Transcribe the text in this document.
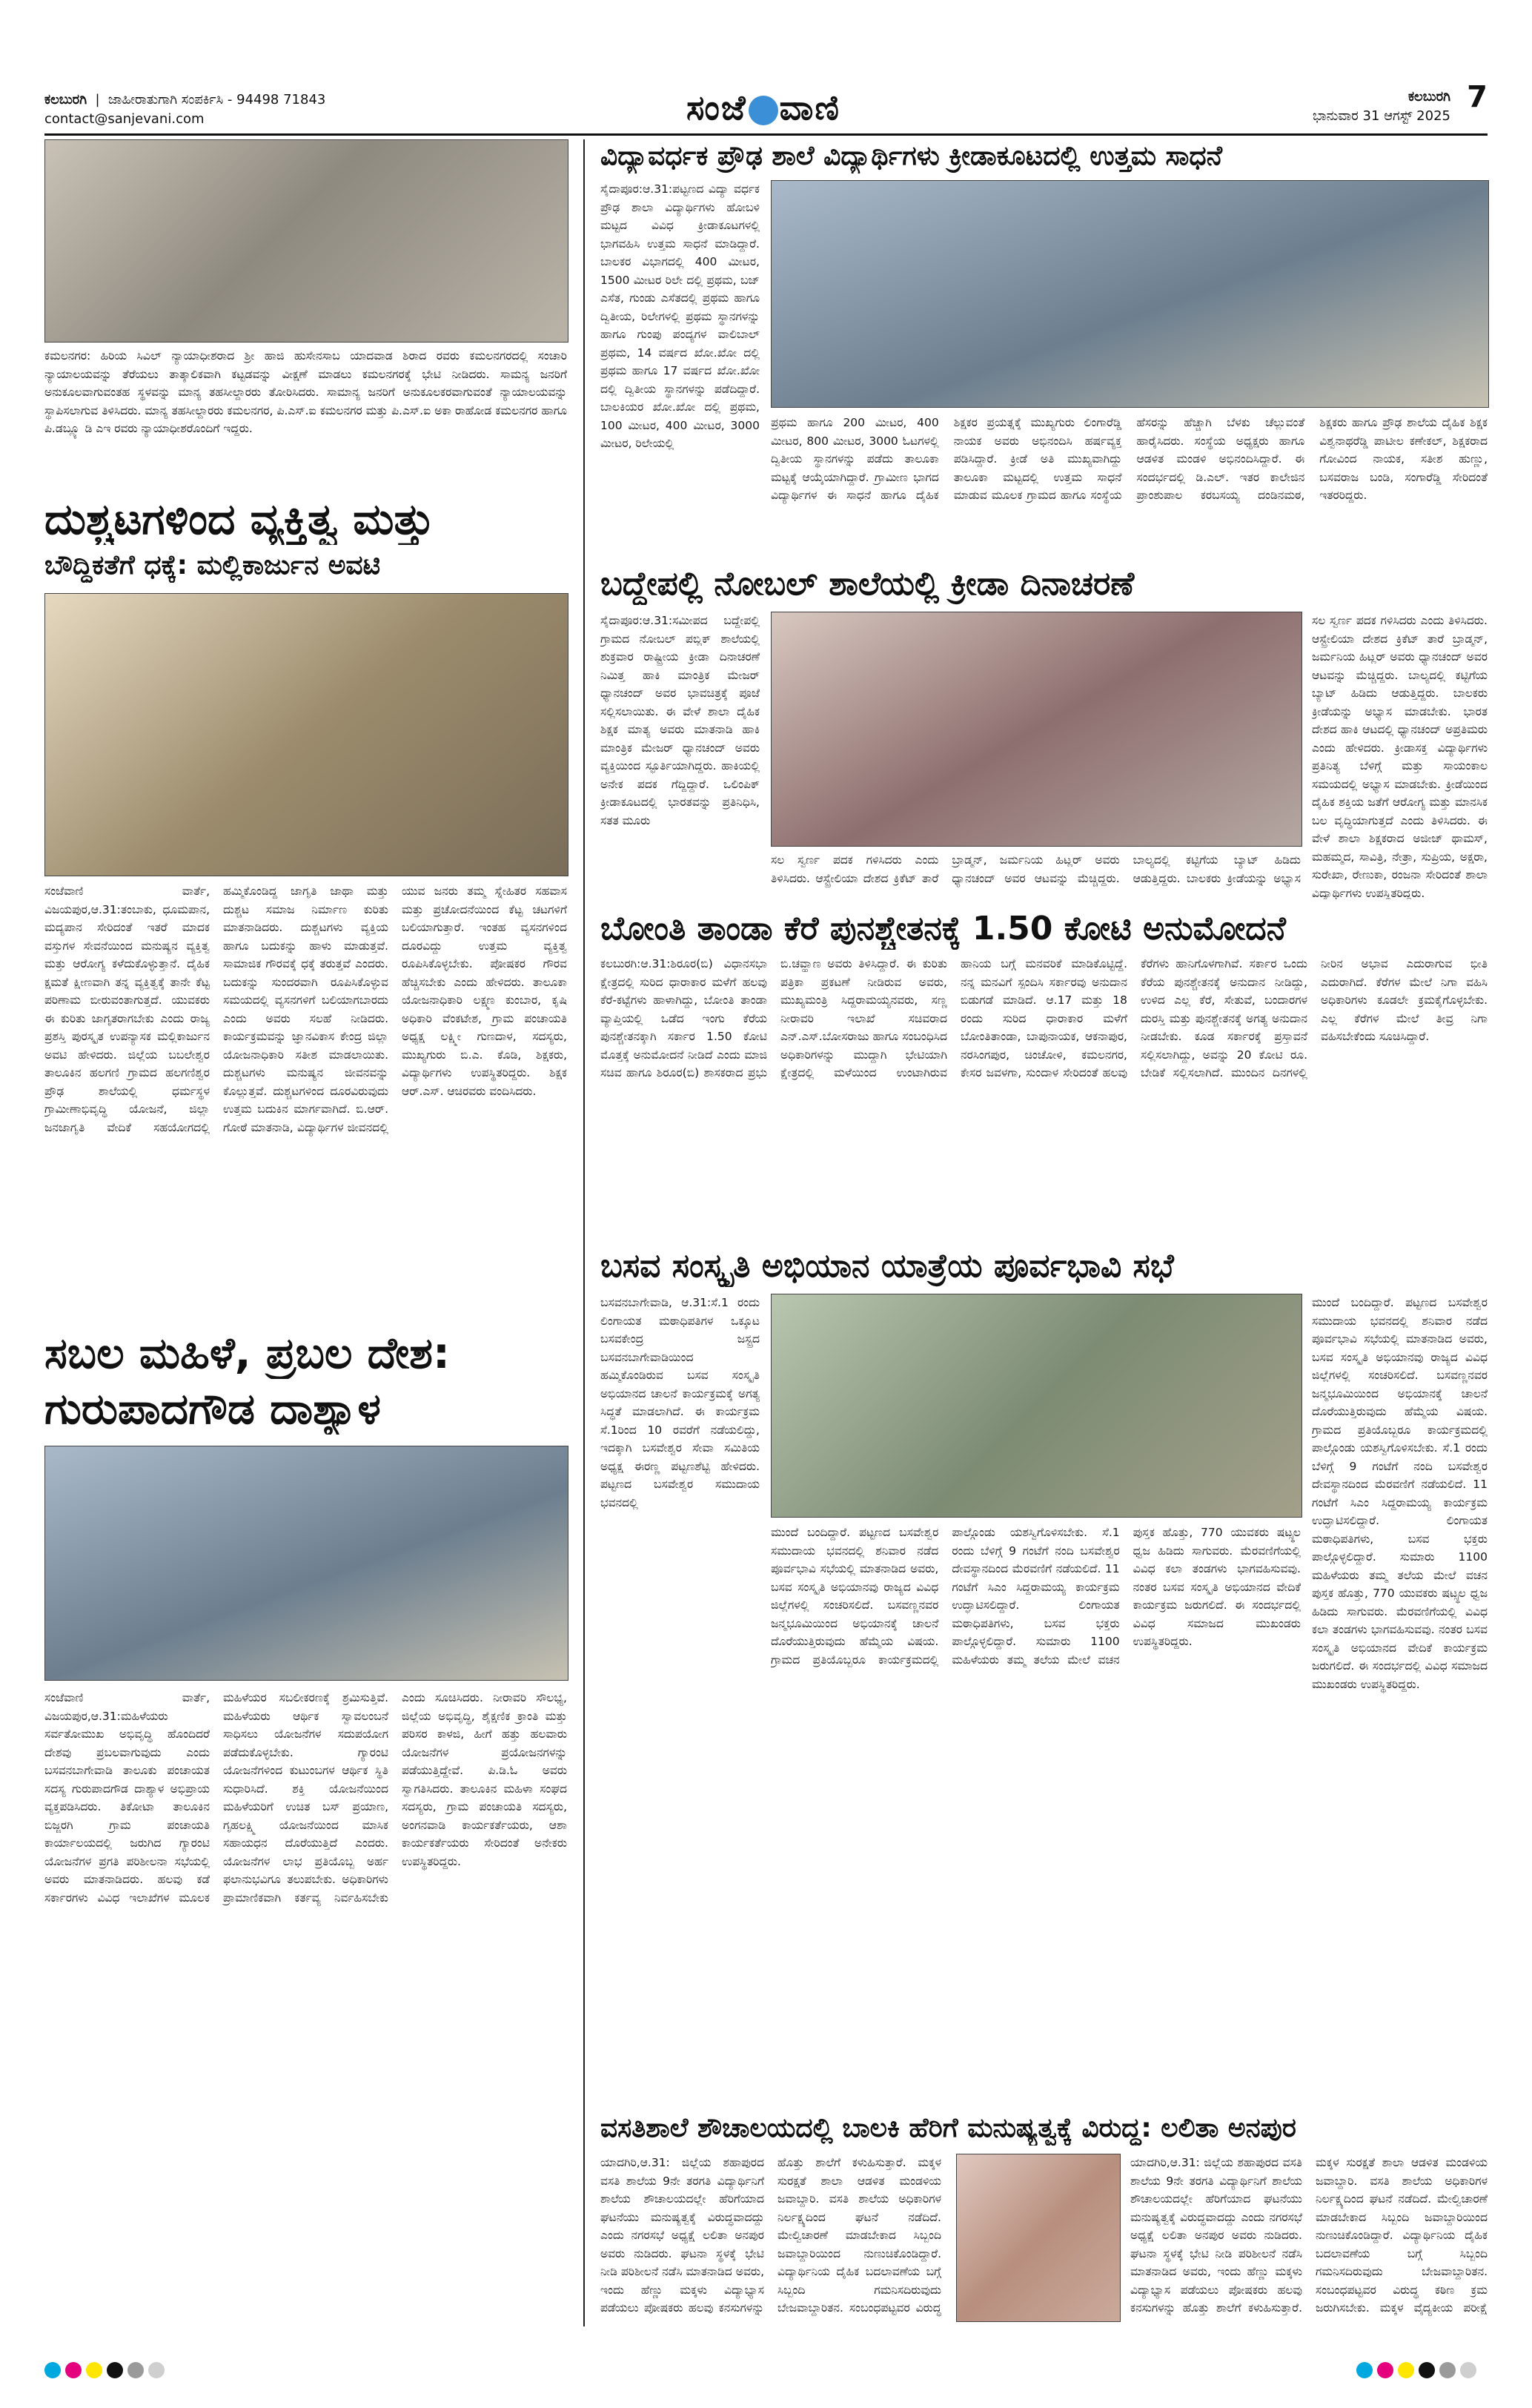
ಕಲಬುರಗಿ  |  ಜಾಹೀರಾತುಗಾಗಿ ಸಂಪರ್ಕಿಸಿ - 94498 71843
contact@sanjevani.com	ಸಂಜೆ ವಾಣಿ	ಕಲಬುರಗಿ
ಭಾನುವಾರ 31 ಆಗಸ್ಟ್ 2025
7
ಕಮಲನಗರ: ಹಿರಿಯ ಸಿವಿಲ್ ನ್ಯಾಯಾಧೀಶರಾದ ಶ್ರೀ ಹಾಜಿ ಹುಸೇನಸಾಬ ಯಾದವಾಡ ಶಿರಾದ ರವರು ಕಮಲನಗರದಲ್ಲಿ ಸಂಚಾರಿ ನ್ಯಾಯಾಲಯವನ್ನು ತೆರೆಯಲು ತಾತ್ಕಾಲಿಕವಾಗಿ ಕಟ್ಟಡವನ್ನು ವೀಕ್ಷಣೆ ಮಾಡಲು ಕಮಲನಗರಕ್ಕೆ ಭೇಟಿ ನೀಡಿದರು. ಸಾಮನ್ಯ ಜನರಿಗೆ ಅನುಕೂಲವಾಗುವಂತಹ ಸ್ಥಳವನ್ನು ಮಾನ್ಯ ತಹಸೀಲ್ದಾರರು ತೋರಿಸಿದರು. ಸಾಮಾನ್ಯ ಜನರಿಗೆ ಅನುಕೂಲಕರವಾಗುವಂತೆ ನ್ಯಾಯಾಲಯವನ್ನು ಸ್ಥಾಪಿಸಲಾಗುವ ತಿಳಿಸಿದರು. ಮಾನ್ಯ ತಹಸೀಲ್ದಾರರು ಕಮಲನಗರ, ಪಿ.ಎಸ್.ಐ ಕಮಲನಗರ ಮತ್ತು ಪಿ.ಎಸ್.ಐ ಅಕಾ ರಾಹೋಡ ಕಮಲನಗರ ಹಾಗೂ ಪಿ.ಡಬ್ಲ್ಯೂ ಡಿ ಎಇ ರವರು ನ್ಯಾಯಾಧೀಶರೊಂದಿಗೆ ಇದ್ದರು.
ವಿದ್ಯಾವರ್ಧಕ ಪ್ರೌಢ ಶಾಲೆ ವಿದ್ಯಾರ್ಥಿಗಳು ಕ್ರೀಡಾಕೂಟದಲ್ಲಿ ಉತ್ತಮ ಸಾಧನೆ
ಸೈದಾಪೂರ:ಆ.31:ಪಟ್ಟಣದ ವಿದ್ಯಾ ವರ್ಧಕ ಪ್ರೌಢ ಶಾಲಾ ವಿದ್ಯಾರ್ಥಿಗಳು ಹೋಬಳಿ ಮಟ್ಟದ ವಿವಿಧ ಕ್ರೀಡಾಕೂಟಗಳಲ್ಲಿ ಭಾಗವಹಿಸಿ ಉತ್ತಮ ಸಾಧನೆ ಮಾಡಿದ್ದಾರೆ. ಬಾಲಕರ ವಿಭಾಗದಲ್ಲಿ 400 ಮೀಟರ, 1500 ಮೀಟರ ರಿಲೇ ದಲ್ಲಿ ಪ್ರಥಮ, ಬಜ್ ಎಸೆತ, ಗುಂಡು ಎಸೆತದಲ್ಲಿ ಪ್ರಥಮ ಹಾಗೂ ದ್ವಿತೀಯ, ರಿಲೇಗಳಲ್ಲಿ ಪ್ರಥಮ ಸ್ಥಾನಗಳನ್ನು ಹಾಗೂ ಗುಂಪು ಪಂದ್ಯಗಳ ವಾಲಿಬಾಲ್ ಪ್ರಥಮ, 14 ವರ್ಷದ ಖೋ.ಖೋ ದಲ್ಲಿ ಪ್ರಥಮ ಹಾಗೂ 17 ವರ್ಷದ ಖೋ.ಖೋ ದಲ್ಲಿ ದ್ವಿತೀಯ ಸ್ಥಾನಗಳನ್ನು ಪಡೆದಿದ್ದಾರೆ. ಬಾಲಕಿಯರ ಖೋ.ಖೋ ದಲ್ಲಿ ಪ್ರಥಮ, 100 ಮೀಟರ, 400 ಮೀಟರ, 3000 ಮೀಟರ, ರಿಲೇಯಲ್ಲಿ
ಪ್ರಥಮ ಹಾಗೂ 200 ಮೀಟರ, 400 ಮೀಟರ, 800 ಮೀಟರ, 3000 ಓಟಗಳಲ್ಲಿ ದ್ವಿತೀಯ ಸ್ಥಾನಗಳನ್ನು ಪಡೆದು ತಾಲೂಕಾ ಮಟ್ಟಕ್ಕೆ ಆಯ್ಕೆಯಾಗಿದ್ದಾರೆ. ಗ್ರಾಮೀಣ ಭಾಗದ ವಿದ್ಯಾರ್ಥಿಗಳ ಈ ಸಾಧನೆ ಹಾಗೂ ದೈಹಿಕ ಶಿಕ್ಷಕರ ಪ್ರಯತ್ನಕ್ಕೆ ಮುಖ್ಯಗುರು ಲಿಂಗಾರೆಡ್ಡಿ ನಾಯಕ ಅವರು ಅಭಿನಂದಿಸಿ ಹರ್ಷವ್ಯಕ್ತ ಪಡಿಸಿದ್ದಾರೆ. ಕ್ರೀಡೆ ಅತಿ ಮುಖ್ಯವಾಗಿದ್ದು ತಾಲೂಕಾ ಮಟ್ಟದಲ್ಲಿ ಉತ್ತಮ ಸಾಧನೆ ಮಾಡುವ ಮೂಲಕ ಗ್ರಾಮದ ಹಾಗೂ ಸಂಸ್ಥೆಯ ಹೆಸರನ್ನು ಹೆಚ್ಚಾಗಿ ಬೆಳಕು ಚೆಲ್ಲುವಂತೆ ಹಾರೈಸಿದರು. ಸಂಸ್ಥೆಯ ಅಧ್ಯಕ್ಷರು ಹಾಗೂ ಆಡಳಿತ ಮಂಡಳಿ ಅಭಿನಂದಿಸಿದ್ದಾರೆ. ಈ ಸಂದರ್ಭದಲ್ಲಿ ಡಿ.ಎಲ್. ಇತರ ಕಾಲೇಜಿನ ಪ್ರಾಂಶುಪಾಲ ಕರಬಸಯ್ಯ ದಂಡಿನಮಠ, ಶಿಕ್ಷಕರು ಹಾಗೂ ಪ್ರೌಢ ಶಾಲೆಯ ದೈಹಿಕ ಶಿಕ್ಷಕ ವಿಶ್ವನಾಥರೆಡ್ಡಿ ಪಾಟೀಲ ಕಣೇಕಲ್, ಶಿಕ್ಷಕರಾದ ಗೋವಿಂದ ನಾಯಕ, ಸತೀಶ ಹುಣ್ಣು, ಬಸವರಾಜ ಬಂಡಿ, ಸಂಗಾರೆಡ್ಡಿ ಸೇರಿದಂತೆ ಇತರರಿದ್ದರು.
ದುಶ್ಚಟಗಳಿಂದ ವ್ಯಕ್ತಿತ್ವ ಮತ್ತು
ಬೌದ್ಧಿಕತೆಗೆ ಧಕ್ಕೆ: ಮಲ್ಲಿಕಾರ್ಜುನ ಅವಟಿ
ಸಂಜೆವಾಣಿ ವಾರ್ತೆ, ವಿಜಯಪುರ,ಆ.31:ತಂಬಾಕು, ಧೂಮಪಾನ, ಮದ್ಯಪಾನ ಸೇರಿದಂತೆ ಇತರೆ ಮಾದಕ ವಸ್ತುಗಳ ಸೇವನೆಯಿಂದ ಮನುಷ್ಯನ ವ್ಯಕ್ತಿತ್ವ ಮತ್ತು ಆರೋಗ್ಯ ಕಳೆದುಕೊಳ್ಳುತ್ತಾನೆ. ದೈಹಿಕ ಕ್ಷಮತೆ ಕ್ಷೀಣವಾಗಿ ತನ್ನ ವ್ಯಕ್ತಿತ್ವಕ್ಕೆ ತಾನೇ ಕೆಟ್ಟ ಪರಿಣಾಮ ಬೀರುವಂತಾಗುತ್ತದೆ. ಯುವಕರು ಈ ಕುರಿತು ಜಾಗೃತರಾಗಬೇಕು ಎಂದು ರಾಜ್ಯ ಪ್ರಶಸ್ತಿ ಪುರಸ್ಕೃತ ಉಪನ್ಯಾಸಕ ಮಲ್ಲಿಕಾರ್ಜುನ ಅವಟಿ ಹೇಳಿದರು. ಜಿಲ್ಲೆಯ ಬಬಲೇಶ್ವರ ತಾಲೂಕಿನ ಹಲಗಣಿ ಗ್ರಾಮದ ಹಲಗಣಿಶ್ವರ ಪ್ರೌಢ ಶಾಲೆಯಲ್ಲಿ ಧರ್ಮಸ್ಥಳ ಗ್ರಾಮೀಣಾಭಿವೃದ್ಧಿ ಯೋಜನೆ, ಜಿಲ್ಲಾ ಜನಜಾಗೃತಿ ವೇದಿಕೆ ಸಹಯೋಗದಲ್ಲಿ ಹಮ್ಮಿಕೊಂಡಿದ್ದ ಜಾಗೃತಿ ಜಾಥಾ ಮತ್ತು ದುಶ್ಚಟ ಸಮಾಜ ನಿರ್ಮಾಣ ಕುರಿತು ಮಾತನಾಡಿದರು. ದುಶ್ಚಟಗಳು ವ್ಯಕ್ತಿಯ ಹಾಗೂ ಬದುಕನ್ನು ಹಾಳು ಮಾಡುತ್ತವೆ. ಸಾಮಾಜಿಕ ಗೌರವಕ್ಕೆ ಧಕ್ಕೆ ತರುತ್ತವೆ ಎಂದರು. ಬದುಕನ್ನು ಸುಂದರವಾಗಿ ರೂಪಿಸಿಕೊಳ್ಳುವ ಸಮಯದಲ್ಲಿ ವ್ಯಸನಗಳಿಗೆ ಬಲಿಯಾಗಬಾರದು ಎಂದು ಅವರು ಸಲಹೆ ನೀಡಿದರು. ಕಾರ್ಯಕ್ರಮವನ್ನು ಜ್ಞಾನವಿಕಾಸ ಕೇಂದ್ರ ಜಿಲ್ಲಾ ಯೋಜನಾಧಿಕಾರಿ ಸತೀಶ ಮಾಡಲಾಯಿತು. ದುಶ್ಚಟಗಳು ಮನುಷ್ಯನ ಜೀವನವನ್ನು ಕೊಲ್ಲುತ್ತವೆ. ದುಶ್ಚಟಗಳಿಂದ ದೂರವಿರುವುದು ಉತ್ತಮ ಬದುಕಿನ ಮಾರ್ಗವಾಗಿದೆ. ಬಿ.ಆರ್. ಗೋಠೆ ಮಾತನಾಡಿ, ವಿದ್ಯಾರ್ಥಿಗಳ ಜೀವನದಲ್ಲಿ ಯುವ ಜನರು ತಮ್ಮ ಸ್ನೇಹಿತರ ಸಹವಾಸ ಮತ್ತು ಪ್ರಚೋದನೆಯಿಂದ ಕೆಟ್ಟ ಚಟಗಳಿಗೆ ಬಲಿಯಾಗುತ್ತಾರೆ. ಇಂತಹ ವ್ಯಸನಗಳಿಂದ ದೂರವಿದ್ದು ಉತ್ತಮ ವ್ಯಕ್ತಿತ್ವ ರೂಪಿಸಿಕೊಳ್ಳಬೇಕು. ಪೋಷಕರ ಗೌರವ ಹೆಚ್ಚಿಸಬೇಕು ಎಂದು ಹೇಳಿದರು. ತಾಲೂಕಾ ಯೋಜನಾಧಿಕಾರಿ ಲಕ್ಷ್ಮಣ ಕುಂಬಾರ, ಕೃಷಿ ಅಧಿಕಾರಿ ವೆಂಕಟೇಶ, ಗ್ರಾಮ ಪಂಚಾಯತಿ ಅಧ್ಯಕ್ಷ ಲಕ್ಷ್ಮೀ ಗುಣದಾಳ, ಸದಸ್ಯರು, ಮುಖ್ಯಗುರು ಬಿ.ಎ. ಕೊಡಿ, ಶಿಕ್ಷಕರು, ವಿದ್ಯಾರ್ಥಿಗಳು ಉಪಸ್ಥಿತರಿದ್ದರು. ಶಿಕ್ಷಕ ಆರ್.ಎಸ್. ಆಚಿರವರು ವಂದಿಸಿದರು.
ಬದ್ದೇಪಲ್ಲಿ ನೋಬಲ್ ಶಾಲೆಯಲ್ಲಿ ಕ್ರೀಡಾ ದಿನಾಚರಣೆ
ಸೈದಾಪೂರ:ಆ.31:ಸಮೀಪದ ಬದ್ದೇಪಲ್ಲಿ ಗ್ರಾಮದ ನೋಬಲ್ ಪಬ್ಲಿಕ್ ಶಾಲೆಯಲ್ಲಿ ಶುಕ್ರವಾರ ರಾಷ್ಟ್ರೀಯ ಕ್ರೀಡಾ ದಿನಾಚರಣೆ ನಿಮಿತ್ತ ಹಾಕಿ ಮಾಂತ್ರಿಕ ಮೇಜರ್ ಧ್ಯಾನಚಂದ್ ಅವರ ಭಾವಚಿತ್ರಕ್ಕೆ ಪೂಜೆ ಸಲ್ಲಿಸಲಾಯಿತು. ಈ ವೇಳೆ ಶಾಲಾ ದೈಹಿಕ ಶಿಕ್ಷಕ ಮಾತ್ಯ ಅವರು ಮಾತನಾಡಿ ಹಾಕಿ ಮಾಂತ್ರಿಕ ಮೇಜರ್ ಧ್ಯಾನಚಂದ್ ಅವರು ವ್ಯಕ್ತಿಯಿಂದ ಸ್ಫೂರ್ತಿಯಾಗಿದ್ದರು. ಹಾಕಿಯಲ್ಲಿ ಅನೇಕ ಪದಕ ಗೆದ್ದಿದ್ದಾರೆ. ಒಲಿಂಪಿಕ್ ಕ್ರೀಡಾಕೂಟದಲ್ಲಿ ಭಾರತವನ್ನು ಪ್ರತಿನಿಧಿಸಿ, ಸತತ ಮೂರು
ಸಲ ಸ್ವರ್ಣ ಪದಕ ಗಳಿಸಿದರು ಎಂದು ತಿಳಿಸಿದರು. ಆಸ್ಟ್ರೇಲಿಯಾ ದೇಶದ ಕ್ರಿಕೆಟ್ ತಾರೆ ಬ್ರಾಡ್ಮನ್, ಜರ್ಮನಿಯ ಹಿಟ್ಲರ್ ಅವರು ಧ್ಯಾನಚಂದ್ ಅವರ ಆಟವನ್ನು ಮೆಚ್ಚಿದ್ದರು. ಬಾಲ್ಯದಲ್ಲಿ ಕಟ್ಟಿಗೆಯ ಬ್ಯಾಟ್ ಹಿಡಿದು ಆಡುತ್ತಿದ್ದರು. ಬಾಲಕರು ಕ್ರೀಡೆಯನ್ನು ಅಭ್ಯಾಸ
ಸಲ ಸ್ವರ್ಣ ಪದಕ ಗಳಿಸಿದರು ಎಂದು ತಿಳಿಸಿದರು. ಆಸ್ಟ್ರೇಲಿಯಾ ದೇಶದ ಕ್ರಿಕೆಟ್ ತಾರೆ ಬ್ರಾಡ್ಮನ್, ಜರ್ಮನಿಯ ಹಿಟ್ಲರ್ ಅವರು ಧ್ಯಾನಚಂದ್ ಅವರ ಆಟವನ್ನು ಮೆಚ್ಚಿದ್ದರು. ಬಾಲ್ಯದಲ್ಲಿ ಕಟ್ಟಿಗೆಯ ಬ್ಯಾಟ್ ಹಿಡಿದು ಆಡುತ್ತಿದ್ದರು. ಬಾಲಕರು ಕ್ರೀಡೆಯನ್ನು ಅಭ್ಯಾಸ ಮಾಡಬೇಕು. ಭಾರತ ದೇಶದ ಹಾಕಿ ಆಟದಲ್ಲಿ ಧ್ಯಾನಚಂದ್ ಅಪ್ರತಿಮರು ಎಂದು ಹೇಳಿದರು. ಕ್ರೀಡಾಸಕ್ತ ವಿದ್ಯಾರ್ಥಿಗಳು ಪ್ರತಿನಿತ್ಯ ಬೆಳಿಗ್ಗೆ ಮತ್ತು ಸಾಯಂಕಾಲ ಸಮಯದಲ್ಲಿ ಅಭ್ಯಾಸ ಮಾಡಬೇಕು. ಕ್ರೀಡೆಯಿಂದ ದೈಹಿಕ ಶಕ್ತಿಯ ಜತೆಗೆ ಆರೋಗ್ಯ ಮತ್ತು ಮಾನಸಿಕ ಬಲ ವೃದ್ಧಿಯಾಗುತ್ತದೆ ಎಂದು ತಿಳಿಸಿದರು. ಈ ವೇಳೆ ಶಾಲಾ ಶಿಕ್ಷಕರಾದ ಅಜೀಜ್ ಥಾಮಸ್, ಮಹಮ್ಮದ, ಸಾವಿತ್ರಿ, ನೇತ್ರಾ, ಸುಪ್ರಿಯ, ಅಕ್ಷರಾ, ಸುರೇಖಾ, ರೇಣುಕಾ, ರಂಜನಾ ಸೇರಿದಂತೆ ಶಾಲಾ ವಿದ್ಯಾರ್ಥಿಗಳು ಉಪಸ್ಥಿತರಿದ್ದರು.
ಬೋಂತಿ ತಾಂಡಾ ಕೆರೆ ಪುನಶ್ಚೇತನಕ್ಕೆ 1.50 ಕೋಟಿ ಅನುಮೋದನೆ
ಕಲಬುರಗಿ:ಆ.31:ಶಿರೂರ(ಬಿ) ವಿಧಾನಸಭಾ ಕ್ಷೇತ್ರದಲ್ಲಿ ಸುರಿದ ಧಾರಾಕಾರ ಮಳೆಗೆ ಹಲವು ಕೆರೆ-ಕಟ್ಟೆಗಳು ಹಾಳಾಗಿದ್ದು, ಬೋಂತಿ ತಾಂಡಾ ವ್ಯಾಪ್ತಿಯಲ್ಲಿ ಒಡೆದ ಇಂಗು ಕೆರೆಯ ಪುನಶ್ಚೇತನಕ್ಕಾಗಿ ಸರ್ಕಾರ 1.50 ಕೋಟಿ ಮೊತ್ತಕ್ಕೆ ಅನುಮೋದನೆ ನೀಡಿದೆ ಎಂದು ಮಾಜಿ ಸಚಿವ ಹಾಗೂ ಶಿರೂರ(ಬಿ) ಶಾಸಕರಾದ ಪ್ರಭು ಬಿ.ಚವ್ಹಾಣ ಅವರು ತಿಳಿಸಿದ್ದಾರೆ. ಈ ಕುರಿತು ಪತ್ರಿಕಾ ಪ್ರಕಟಣೆ ನೀಡಿರುವ ಅವರು, ಮುಖ್ಯಮಂತ್ರಿ ಸಿದ್ದರಾಮಯ್ಯನವರು, ಸಣ್ಣ ನೀರಾವರಿ ಇಲಾಖೆ ಸಚಿವರಾದ ಎನ್.ಎಸ್.ಬೋಸರಾಜು ಹಾಗೂ ಸಂಬಂಧಿಸಿದ ಅಧಿಕಾರಿಗಳನ್ನು ಮುದ್ದಾಗಿ ಭೇಟಿಯಾಗಿ ಕ್ಷೇತ್ರದಲ್ಲಿ ಮಳೆಯಿಂದ ಉಂಟಾಗಿರುವ ಹಾನಿಯ ಬಗ್ಗೆ ಮನವರಿಕೆ ಮಾಡಿಕೊಟ್ಟಿದ್ದೆ. ನನ್ನ ಮನವಿಗೆ ಸ್ಪಂದಿಸಿ ಸರ್ಕಾರವು ಅನುದಾನ ಬಿಡುಗಡೆ ಮಾಡಿದೆ. ಆ.17 ಮತ್ತು 18 ರಂದು ಸುರಿದ ಧಾರಾಕಾರ ಮಳೆಗೆ ಬೋಂತಿತಾಂಡಾ, ಬಾಪುನಾಯಕ, ಆಕನಾಪುರ, ನರಸಿಂಗಪುರ, ಚಿಂಚೋಳಿ, ಕಮಲನಗರ, ಕೇಸರ ಜವಳಗಾ, ಸುಂದಾಳ ಸೇರಿದಂತೆ ಹಲವು ಕೆರೆಗಳು ಹಾನಿಗೊಳಗಾಗಿವೆ. ಸರ್ಕಾರ ಒಂದು ಕೆರೆಯ ಪುನಶ್ಚೇತನಕ್ಕೆ ಅನುದಾನ ನೀಡಿದ್ದು, ಉಳಿದ ಎಲ್ಲ ಕೆರೆ, ಸೇತುವೆ, ಬಂದಾರಗಳ ದುರಸ್ತಿ ಮತ್ತು ಪುನಶ್ಚೇತನಕ್ಕೆ ಅಗತ್ಯ ಅನುದಾನ ನೀಡಬೇಕು. ಕೂಡ ಸರ್ಕಾರಕ್ಕೆ ಪ್ರಸ್ತಾವನೆ ಸಲ್ಲಿಸಲಾಗಿದ್ದು, ಅವನ್ನು 20 ಕೋಟಿ ರೂ. ಬೇಡಿಕೆ ಸಲ್ಲಿಸಲಾಗಿದೆ. ಮುಂದಿನ ದಿನಗಳಲ್ಲಿ ನೀರಿನ ಅಭಾವ ಎದುರಾಗುವ ಭೀತಿ ಎದುರಾಗಿದೆ. ಕೆರೆಗಳ ಮೇಲೆ ನಿಗಾ ವಹಿಸಿ ಅಧಿಕಾರಿಗಳು ಕೂಡಲೇ ಕ್ರಮಕೈಗೊಳ್ಳಬೇಕು. ಎಲ್ಲ ಕೆರೆಗಳ ಮೇಲೆ ತೀವ್ರ ನಿಗಾ ವಹಿಸಬೇಕೆಂದು ಸೂಚಿಸಿದ್ದಾರೆ.
ಬಸವ ಸಂಸ್ಕೃತಿ ಅಭಿಯಾನ ಯಾತ್ರೆಯ ಪೂರ್ವಭಾವಿ ಸಭೆ
ಬಸವನಬಾಗೇವಾಡಿ, ಆ.31:ಸೆ.1 ರಂದು ಲಿಂಗಾಯತ ಮಠಾಧಿಪತಿಗಳ ಒಕ್ಕೂಟ ಬಸವಕೇಂದ್ರ ಜಸ್ಟ್ರದ ಬಸವನಬಾಗೇವಾಡಿಯಿಂದ ಹಮ್ಮಿಕೊಂಡಿರುವ ಬಸವ ಸಂಸ್ಕೃತಿ ಅಭಿಯಾನದ ಚಾಲನೆ ಕಾರ್ಯಕ್ರಮಕ್ಕೆ ಅಗತ್ಯ ಸಿದ್ಧತೆ ಮಾಡಲಾಗಿದೆ. ಈ ಕಾರ್ಯಕ್ರಮ ಸೆ.1ರಿಂದ 10 ರವರೆಗೆ ನಡೆಯಲಿದ್ದು, ಇದಕ್ಕಾಗಿ ಬಸವೇಶ್ವರ ಸೇವಾ ಸಮಿತಿಯ ಅಧ್ಯಕ್ಷ ಈರಣ್ಣ ಪಟ್ಟಣಶೆಟ್ಟಿ ಹೇಳಿದರು. ಪಟ್ಟಣದ ಬಸವೇಶ್ವರ ಸಮುದಾಯ ಭವನದಲ್ಲಿ
ಮುಂದೆ ಬಂದಿದ್ದಾರೆ. ಪಟ್ಟಣದ ಬಸವೇಶ್ವರ ಸಮುದಾಯ ಭವನದಲ್ಲಿ ಶನಿವಾರ ನಡೆದ ಪೂರ್ವಭಾವಿ ಸಭೆಯಲ್ಲಿ ಮಾತನಾಡಿದ ಅವರು, ಬಸವ ಸಂಸ್ಕೃತಿ ಅಭಿಯಾನವು ರಾಜ್ಯದ ವಿವಿಧ ಜಿಲ್ಲೆಗಳಲ್ಲಿ ಸಂಚರಿಸಲಿದೆ. ಬಸವಣ್ಣನವರ ಜನ್ಮಭೂಮಿಯಿಂದ ಅಭಿಯಾನಕ್ಕೆ ಚಾಲನೆ ದೊರೆಯುತ್ತಿರುವುದು ಹೆಮ್ಮೆಯ ವಿಷಯ. ಗ್ರಾಮದ ಪ್ರತಿಯೊಬ್ಬರೂ ಕಾರ್ಯಕ್ರಮದಲ್ಲಿ ಪಾಲ್ಗೊಂಡು ಯಶಸ್ವಿಗೊಳಿಸಬೇಕು. ಸೆ.1 ರಂದು ಬೆಳಿಗ್ಗೆ 9 ಗಂಟೆಗೆ ನಂದಿ ಬಸವೇಶ್ವರ ದೇವಸ್ಥಾನದಿಂದ ಮೆರವಣಿಗೆ ನಡೆಯಲಿದೆ. 11 ಗಂಟೆಗೆ ಸಿಎಂ ಸಿದ್ದರಾಮಯ್ಯ ಕಾರ್ಯಕ್ರಮ ಉದ್ಘಾಟಿಸಲಿದ್ದಾರೆ. ಲಿಂಗಾಯತ ಮಠಾಧಿಪತಿಗಳು, ಬಸವ ಭಕ್ತರು ಪಾಲ್ಗೊಳ್ಳಲಿದ್ದಾರೆ. ಸುಮಾರು 1100 ಮಹಿಳೆಯರು ತಮ್ಮ ತಲೆಯ ಮೇಲೆ ವಚನ ಪುಸ್ತಕ ಹೊತ್ತು, 770 ಯುವಕರು ಷಟ್ಸ್ಥಲ ಧ್ವಜ ಹಿಡಿದು ಸಾಗುವರು. ಮೆರವಣಿಗೆಯಲ್ಲಿ ವಿವಿಧ ಕಲಾ ತಂಡಗಳು ಭಾಗವಹಿಸುವವು. ನಂತರ ಬಸವ ಸಂಸ್ಕೃತಿ ಅಭಿಯಾನದ ವೇದಿಕೆ ಕಾರ್ಯಕ್ರಮ ಜರುಗಲಿದೆ. ಈ ಸಂದರ್ಭದಲ್ಲಿ ವಿವಿಧ ಸಮಾಜದ ಮುಖಂಡರು ಉಪಸ್ಥಿತರಿದ್ದರು.
ಮುಂದೆ ಬಂದಿದ್ದಾರೆ. ಪಟ್ಟಣದ ಬಸವೇಶ್ವರ ಸಮುದಾಯ ಭವನದಲ್ಲಿ ಶನಿವಾರ ನಡೆದ ಪೂರ್ವಭಾವಿ ಸಭೆಯಲ್ಲಿ ಮಾತನಾಡಿದ ಅವರು, ಬಸವ ಸಂಸ್ಕೃತಿ ಅಭಿಯಾನವು ರಾಜ್ಯದ ವಿವಿಧ ಜಿಲ್ಲೆಗಳಲ್ಲಿ ಸಂಚರಿಸಲಿದೆ. ಬಸವಣ್ಣನವರ ಜನ್ಮಭೂಮಿಯಿಂದ ಅಭಿಯಾನಕ್ಕೆ ಚಾಲನೆ ದೊರೆಯುತ್ತಿರುವುದು ಹೆಮ್ಮೆಯ ವಿಷಯ. ಗ್ರಾಮದ ಪ್ರತಿಯೊಬ್ಬರೂ ಕಾರ್ಯಕ್ರಮದಲ್ಲಿ ಪಾಲ್ಗೊಂಡು ಯಶಸ್ವಿಗೊಳಿಸಬೇಕು. ಸೆ.1 ರಂದು ಬೆಳಿಗ್ಗೆ 9 ಗಂಟೆಗೆ ನಂದಿ ಬಸವೇಶ್ವರ ದೇವಸ್ಥಾನದಿಂದ ಮೆರವಣಿಗೆ ನಡೆಯಲಿದೆ. 11 ಗಂಟೆಗೆ ಸಿಎಂ ಸಿದ್ದರಾಮಯ್ಯ ಕಾರ್ಯಕ್ರಮ ಉದ್ಘಾಟಿಸಲಿದ್ದಾರೆ. ಲಿಂಗಾಯತ ಮಠಾಧಿಪತಿಗಳು, ಬಸವ ಭಕ್ತರು ಪಾಲ್ಗೊಳ್ಳಲಿದ್ದಾರೆ. ಸುಮಾರು 1100 ಮಹಿಳೆಯರು ತಮ್ಮ ತಲೆಯ ಮೇಲೆ ವಚನ ಪುಸ್ತಕ ಹೊತ್ತು, 770 ಯುವಕರು ಷಟ್ಸ್ಥಲ ಧ್ವಜ ಹಿಡಿದು ಸಾಗುವರು. ಮೆರವಣಿಗೆಯಲ್ಲಿ ವಿವಿಧ ಕಲಾ ತಂಡಗಳು ಭಾಗವಹಿಸುವವು. ನಂತರ ಬಸವ ಸಂಸ್ಕೃತಿ ಅಭಿಯಾನದ ವೇದಿಕೆ ಕಾರ್ಯಕ್ರಮ ಜರುಗಲಿದೆ. ಈ ಸಂದರ್ಭದಲ್ಲಿ ವಿವಿಧ ಸಮಾಜದ ಮುಖಂಡರು ಉಪಸ್ಥಿತರಿದ್ದರು.
ಸಬಲ ಮಹಿಳೆ, ಪ್ರಬಲ ದೇಶ:
ಗುರುಪಾದಗೌಡ ದಾಶ್ಯಾಳ
ಸಂಜೆವಾಣಿ ವಾರ್ತೆ, ವಿಜಯಪುರ,ಆ.31:ಮಹಿಳೆಯರು ಸರ್ವತೋಮುಖ ಅಭಿವೃದ್ಧಿ ಹೊಂದಿದರೆ ದೇಶವು ಪ್ರಬಲವಾಗುವುದು ಎಂದು ಬಸವನಬಾಗೇವಾಡಿ ತಾಲೂಕು ಪಂಚಾಯತ ಸದಸ್ಯ ಗುರುಪಾದಗೌಡ ದಾಶ್ಯಾಳ ಅಭಿಪ್ರಾಯ ವ್ಯಕ್ತಪಡಿಸಿದರು. ತಿಕೋಟಾ ತಾಲೂಕಿನ ಬಿಜ್ಜರಗಿ ಗ್ರಾಮ ಪಂಚಾಯತಿ ಕಾರ್ಯಾಲಯದಲ್ಲಿ ಜರುಗಿದ ಗ್ಯಾರಂಟಿ ಯೋಜನೆಗಳ ಪ್ರಗತಿ ಪರಿಶೀಲನಾ ಸಭೆಯಲ್ಲಿ ಅವರು ಮಾತನಾಡಿದರು. ಹಲವು ಕಡೆ ಸರ್ಕಾರಗಳು ವಿವಿಧ ಇಲಾಖೆಗಳ ಮೂಲಕ ಮಹಿಳೆಯರ ಸಬಲೀಕರಣಕ್ಕೆ ಶ್ರಮಿಸುತ್ತಿವೆ. ಮಹಿಳೆಯರು ಆರ್ಥಿಕ ಸ್ವಾವಲಂಬನೆ ಸಾಧಿಸಲು ಯೋಜನೆಗಳ ಸದುಪಯೋಗ ಪಡೆದುಕೊಳ್ಳಬೇಕು. ಗ್ಯಾರಂಟಿ ಯೋಜನೆಗಳಿಂದ ಕುಟುಂಬಗಳ ಆರ್ಥಿಕ ಸ್ಥಿತಿ ಸುಧಾರಿಸಿದೆ. ಶಕ್ತಿ ಯೋಜನೆಯಿಂದ ಮಹಿಳೆಯರಿಗೆ ಉಚಿತ ಬಸ್ ಪ್ರಯಾಣ, ಗೃಹಲಕ್ಷ್ಮಿ ಯೋಜನೆಯಿಂದ ಮಾಸಿಕ ಸಹಾಯಧನ ದೊರೆಯುತ್ತಿದೆ ಎಂದರು. ಯೋಜನೆಗಳ ಲಾಭ ಪ್ರತಿಯೊಬ್ಬ ಅರ್ಹ ಫಲಾನುಭವಿಗೂ ತಲುಪಬೇಕು. ಅಧಿಕಾರಿಗಳು ಪ್ರಾಮಾಣಿಕವಾಗಿ ಕರ್ತವ್ಯ ನಿರ್ವಹಿಸಬೇಕು ಎಂದು ಸೂಚಿಸಿದರು. ನೀರಾವರಿ ಸೌಲಭ್ಯ, ಜಿಲ್ಲೆಯ ಅಭಿವೃದ್ಧಿ, ಶೈಕ್ಷಣಿಕ ಕ್ರಾಂತಿ ಮತ್ತು ಪರಿಸರ ಕಾಳಜಿ, ಹೀಗೆ ಹತ್ತು ಹಲವಾರು ಯೋಜನೆಗಳ ಪ್ರಯೋಜನಗಳನ್ನು ಪಡೆಯುತ್ತಿದ್ದೇವೆ. ಪಿ.ಡಿ.ಓ ಅವರು ಸ್ವಾಗತಿಸಿದರು. ತಾಲೂಕಿನ ಮಹಿಳಾ ಸಂಘದ ಸದಸ್ಯರು, ಗ್ರಾಮ ಪಂಚಾಯತಿ ಸದಸ್ಯರು, ಅಂಗನವಾಡಿ ಕಾರ್ಯಕರ್ತೆಯರು, ಆಶಾ ಕಾರ್ಯಕರ್ತೆಯರು ಸೇರಿದಂತೆ ಅನೇಕರು ಉಪಸ್ಥಿತರಿದ್ದರು.
ವಸತಿಶಾಲೆ ಶೌಚಾಲಯದಲ್ಲಿ ಬಾಲಕಿ ಹೆರಿಗೆ ಮನುಷ್ಯತ್ವಕ್ಕೆ ವಿರುದ್ಧ: ಲಲಿತಾ ಅನಪುರ
ಯಾದಗಿರಿ,ಆ.31: ಜಿಲ್ಲೆಯ ಶಹಾಪುರದ ವಸತಿ ಶಾಲೆಯ 9ನೇ ತರಗತಿ ವಿದ್ಯಾರ್ಥಿನಿಗೆ ಶಾಲೆಯ ಶೌಚಾಲಯದಲ್ಲೇ ಹೆರಿಗೆಯಾದ ಘಟನೆಯು ಮನುಷ್ಯತ್ವಕ್ಕೆ ವಿರುದ್ಧವಾದದ್ದು ಎಂದು ನಗರಸಭೆ ಅಧ್ಯಕ್ಷೆ ಲಲಿತಾ ಅನಪುರ ಅವರು ನುಡಿದರು. ಘಟನಾ ಸ್ಥಳಕ್ಕೆ ಭೇಟಿ ನೀಡಿ ಪರಿಶೀಲನೆ ನಡೆಸಿ ಮಾತನಾಡಿದ ಅವರು, ಇಂದು ಹೆಣ್ಣು ಮಕ್ಕಳು ವಿದ್ಯಾಭ್ಯಾಸ ಪಡೆಯಲು ಪೋಷಕರು ಹಲವು ಕನಸುಗಳನ್ನು ಹೊತ್ತು ಶಾಲೆಗೆ ಕಳುಹಿಸುತ್ತಾರೆ. ಮಕ್ಕಳ ಸುರಕ್ಷತೆ ಶಾಲಾ ಆಡಳಿತ ಮಂಡಳಿಯ ಜವಾಬ್ದಾರಿ. ವಸತಿ ಶಾಲೆಯ ಅಧಿಕಾರಿಗಳ ನಿರ್ಲಕ್ಷ್ಯದಿಂದ ಘಟನೆ ನಡೆದಿದೆ. ಮೇಲ್ವಿಚಾರಣೆ ಮಾಡಬೇಕಾದ ಸಿಬ್ಬಂದಿ ಜವಾಬ್ದಾರಿಯಿಂದ ನುಣುಚಿಕೊಂಡಿದ್ದಾರೆ. ವಿದ್ಯಾರ್ಥಿನಿಯ ದೈಹಿಕ ಬದಲಾವಣೆಯ ಬಗ್ಗೆ ಸಿಬ್ಬಂದಿ ಗಮನಿಸದಿರುವುದು ಬೇಜವಾಬ್ದಾರಿತನ. ಸಂಬಂಧಪಟ್ಟವರ ವಿರುದ್ಧ
ಯಾದಗಿರಿ,ಆ.31: ಜಿಲ್ಲೆಯ ಶಹಾಪುರದ ವಸತಿ ಶಾಲೆಯ 9ನೇ ತರಗತಿ ವಿದ್ಯಾರ್ಥಿನಿಗೆ ಶಾಲೆಯ ಶೌಚಾಲಯದಲ್ಲೇ ಹೆರಿಗೆಯಾದ ಘಟನೆಯು ಮನುಷ್ಯತ್ವಕ್ಕೆ ವಿರುದ್ಧವಾದದ್ದು ಎಂದು ನಗರಸಭೆ ಅಧ್ಯಕ್ಷೆ ಲಲಿತಾ ಅನಪುರ ಅವರು ನುಡಿದರು. ಘಟನಾ ಸ್ಥಳಕ್ಕೆ ಭೇಟಿ ನೀಡಿ ಪರಿಶೀಲನೆ ನಡೆಸಿ ಮಾತನಾಡಿದ ಅವರು, ಇಂದು ಹೆಣ್ಣು ಮಕ್ಕಳು ವಿದ್ಯಾಭ್ಯಾಸ ಪಡೆಯಲು ಪೋಷಕರು ಹಲವು ಕನಸುಗಳನ್ನು ಹೊತ್ತು ಶಾಲೆಗೆ ಕಳುಹಿಸುತ್ತಾರೆ. ಮಕ್ಕಳ ಸುರಕ್ಷತೆ ಶಾಲಾ ಆಡಳಿತ ಮಂಡಳಿಯ ಜವಾಬ್ದಾರಿ. ವಸತಿ ಶಾಲೆಯ ಅಧಿಕಾರಿಗಳ ನಿರ್ಲಕ್ಷ್ಯದಿಂದ ಘಟನೆ ನಡೆದಿದೆ. ಮೇಲ್ವಿಚಾರಣೆ ಮಾಡಬೇಕಾದ ಸಿಬ್ಬಂದಿ ಜವಾಬ್ದಾರಿಯಿಂದ ನುಣುಚಿಕೊಂಡಿದ್ದಾರೆ. ವಿದ್ಯಾರ್ಥಿನಿಯ ದೈಹಿಕ ಬದಲಾವಣೆಯ ಬಗ್ಗೆ ಸಿಬ್ಬಂದಿ ಗಮನಿಸದಿರುವುದು ಬೇಜವಾಬ್ದಾರಿತನ. ಸಂಬಂಧಪಟ್ಟವರ ವಿರುದ್ಧ ಕಠಿಣ ಕ್ರಮ ಜರುಗಿಸಬೇಕು. ಮಕ್ಕಳ ವೈದ್ಯಕೀಯ ಪರೀಕ್ಷೆ
